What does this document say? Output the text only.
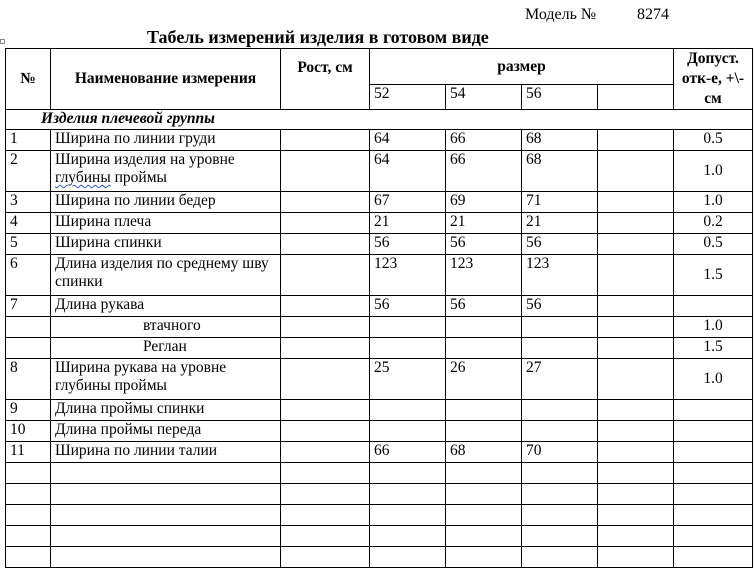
Модель №	8274
Табель измерений изделия в готовом виде
№	Наименование измерения	Рост, см	размер				Допуст. отк-е, +\-см
			52	54	56		
Изделия плечевой группы							
1	Ширина по линии груди		64	66	68		0.5
2	Ширина изделия на уровне
глубины проймы		64	66	68		1.0
3	Ширина по линии бедер		67	69	71		1.0
4	Ширина плеча		21	21	21		0.2
5	Ширина спинки		56	56	56		0.5
6	Длина изделия по среднему шву спинки		123	123	123		1.5
7	Длина рукава		56	56	56		
	втачного						1.0
	Реглан						1.5
8	Ширина рукава на уровне глубины проймы		25	26	27		1.0
9	Длина проймы спинки						
10	Длина проймы переда						
11	Ширина по линии талии		66	68	70		
